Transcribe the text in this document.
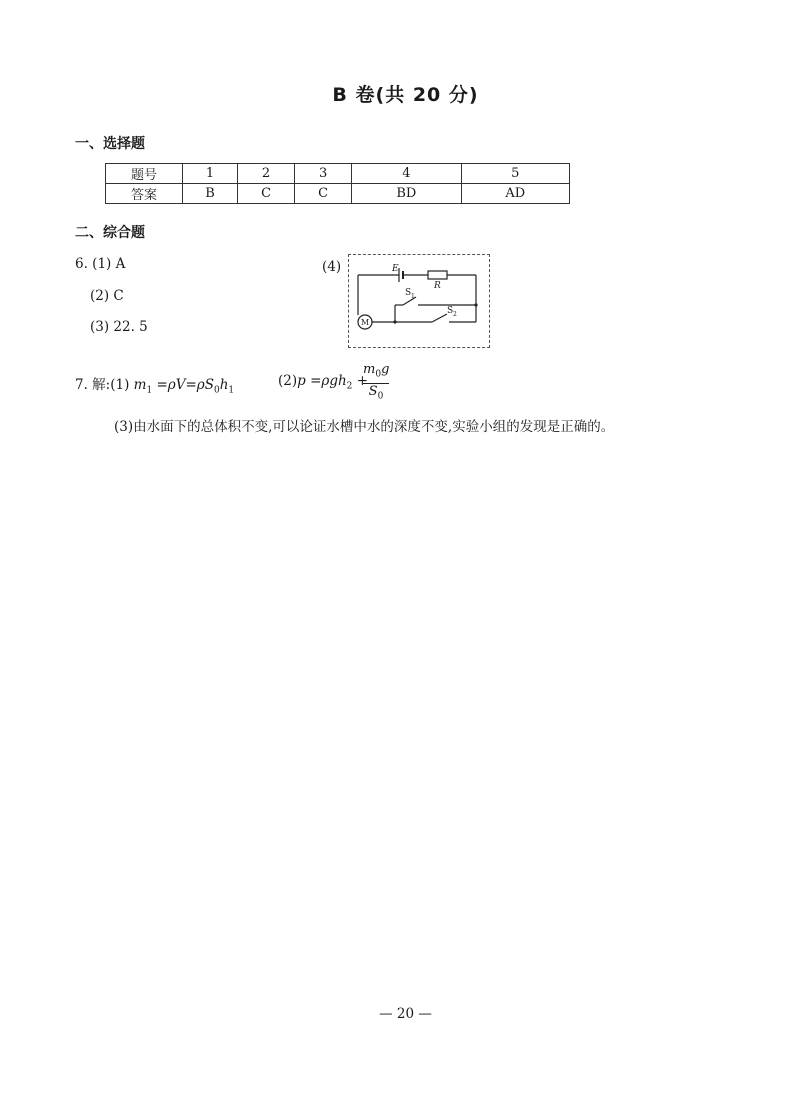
B 卷(共 20 分)
一、选择题
题号	1	2	3	4	5
答案	B	C	C	BD	AD
二、综合题
6. (1) A
(2) C
(3) 22. 5
(4)	E
R
S 1
S 2
M
7. 解:(1) $m_1 =\rho V=\rho S_0h_1$
(2)p =ρgh$_2$ +
$\frac{m_0g}{S_0}$
(3)由水面下的总体积不变,可以论证水槽中水的深度不变,实验小组的发现是正确的。
— 20 —
